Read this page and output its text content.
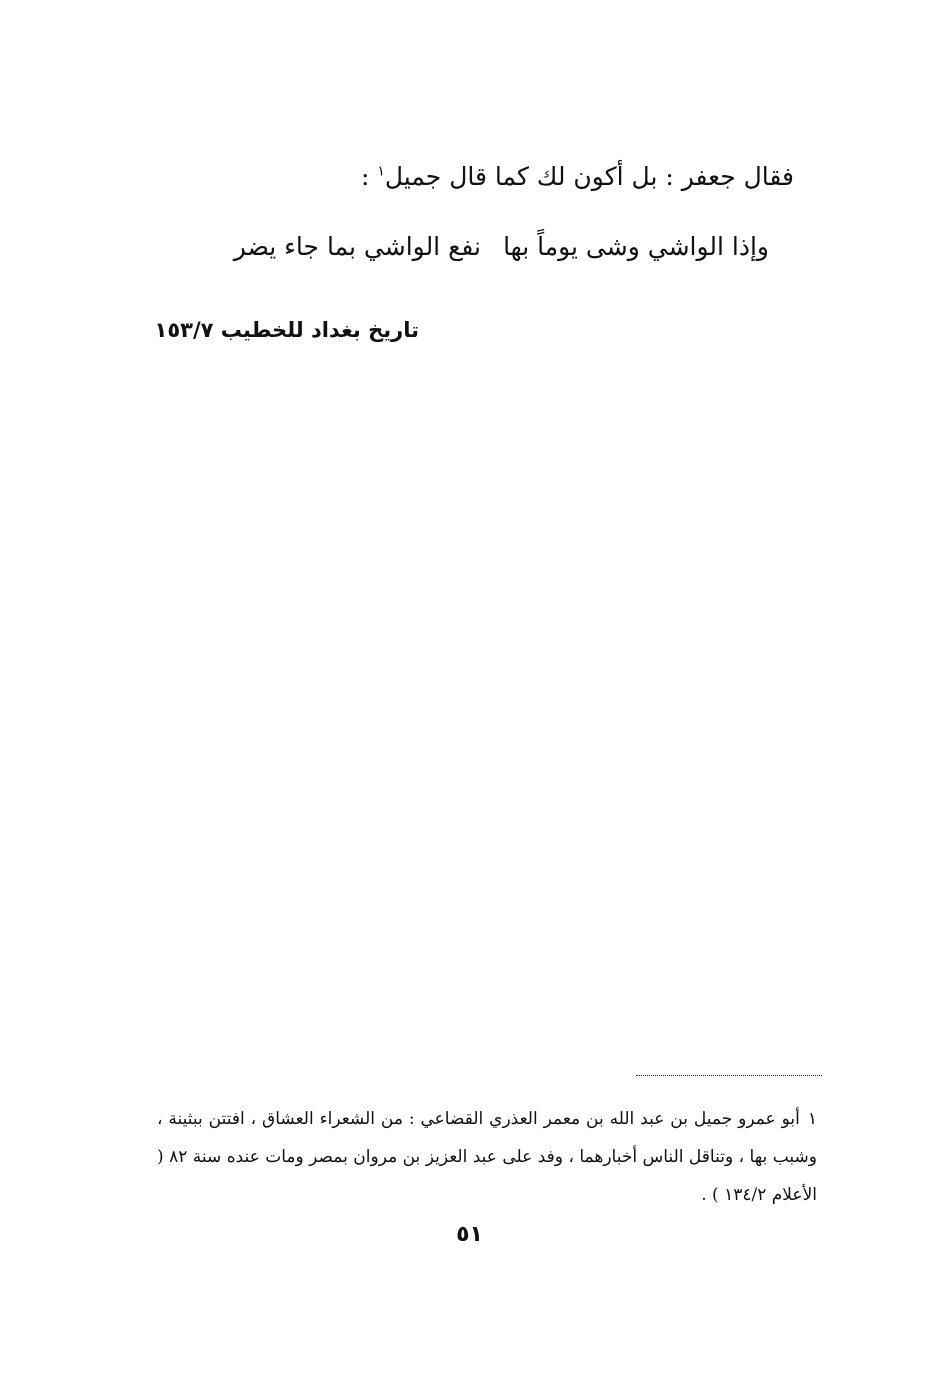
فقال جعفر : بل أكون لك كما قال جميل$^١$ :
وإذا الواشي وشى يوماً بها
نفع الواشي بما جاء يضر
تاريخ بغداد للخطيب ١٥٣/٧
١أبو عمرو جميل بن عبد الله بن معمر العذري القضاعي : من الشعراء العشاق ، افتتن ببثينة ، وشبب بها ، وتناقل الناس أخبارهما ، وفد على عبد العزيز بن مروان بمصر ومات عنده سنة ٨٢ ( الأعلام ١٣٤/٢ ) .
٥١
